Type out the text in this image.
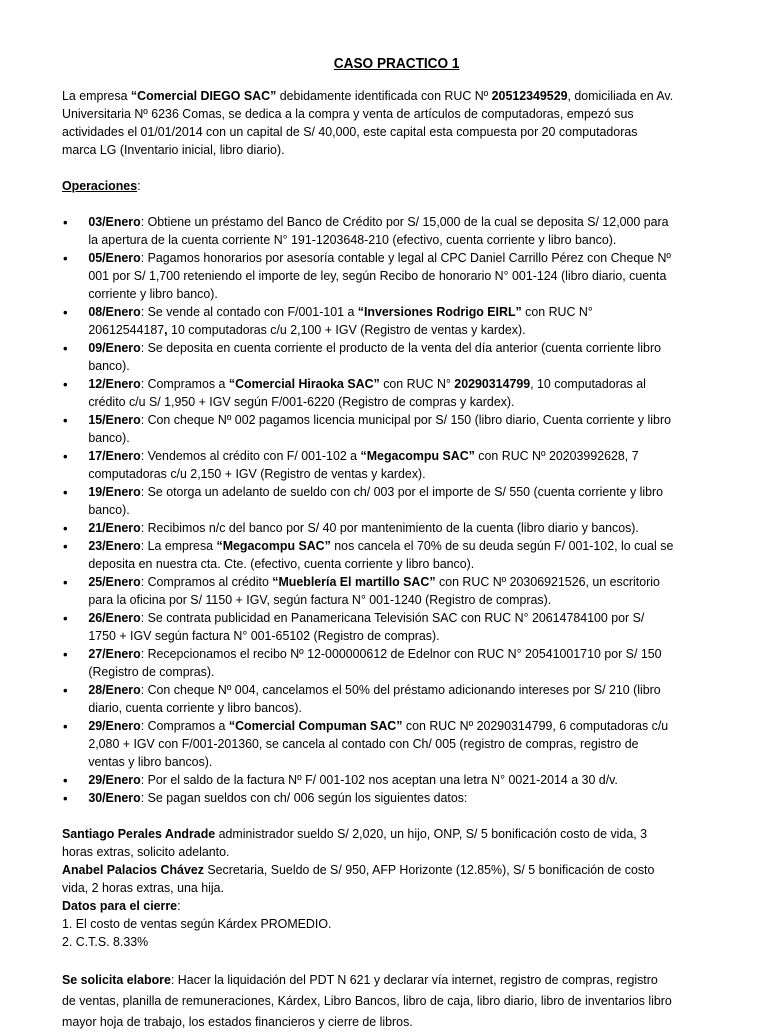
CASO PRACTICO 1

La empresa “Comercial DIEGO SAC” debidamente identificada con RUC Nº 20512349529, domiciliada en Av. Universitaria Nº 6236 Comas, se dedica a la compra y venta de artículos de computadoras, empezó sus actividades el 01/01/2014 con un capital de S/ 40,000, este capital esta compuesta por 20 computadoras marca LG (Inventario inicial, libro diario).

Operaciones:

• 03/Enero: Obtiene un préstamo del Banco de Crédito por S/ 15,000 de la cual se deposita S/ 12,000 para la apertura de la cuenta corriente N° 191-1203648-210 (efectivo, cuenta corriente y libro banco).
• 05/Enero: Pagamos honorarios por asesoría contable y legal al CPC Daniel Carrillo Pérez con Cheque Nº 001 por S/ 1,700 reteniendo el importe de ley, según Recibo de honorario N° 001-124 (libro diario, cuenta corriente y libro banco).
• 08/Enero: Se vende al contado con F/001-101 a “Inversiones Rodrigo EIRL” con RUC N° 20612544187, 10 computadoras c/u 2,100 + IGV (Registro de ventas y kardex).
• 09/Enero: Se deposita en cuenta corriente el producto de la venta del día anterior (cuenta corriente libro banco).
• 12/Enero: Compramos a “Comercial Hiraoka SAC” con RUC N° 20290314799, 10 computadoras al crédito c/u S/ 1,950 + IGV según F/001-6220 (Registro de compras y kardex).
• 15/Enero: Con cheque Nº 002 pagamos licencia municipal por S/ 150 (libro diario, Cuenta corriente y libro banco).
• 17/Enero: Vendemos al crédito con F/ 001-102 a “Megacompu SAC” con RUC Nº 20203992628, 7 computadoras c/u 2,150 + IGV (Registro de ventas y kardex).
• 19/Enero: Se otorga un adelanto de sueldo con ch/ 003 por el importe de S/ 550 (cuenta corriente y libro banco).
• 21/Enero: Recibimos n/c del banco por S/ 40 por mantenimiento de la cuenta (libro diario y bancos).
• 23/Enero: La empresa “Megacompu SAC” nos cancela el 70% de su deuda según F/ 001-102, lo cual se deposita en nuestra cta. Cte. (efectivo, cuenta corriente y libro banco).
• 25/Enero: Compramos al crédito “Mueblería El martillo SAC” con RUC Nº 20306921526, un escritorio para la oficina por S/ 1150 + IGV, según factura N° 001-1240 (Registro de compras).
• 26/Enero: Se contrata publicidad en Panamericana Televisión SAC con RUC N° 20614784100 por S/ 1750 + IGV según factura N° 001-65102 (Registro de compras).
• 27/Enero: Recepcionamos el recibo Nº 12-000000612 de Edelnor con RUC N° 20541001710 por S/ 150 (Registro de compras).
• 28/Enero: Con cheque Nº 004, cancelamos el 50% del préstamo adicionando intereses por S/ 210 (libro diario, cuenta corriente y libro bancos).
• 29/Enero: Compramos a “Comercial Compuman SAC” con RUC Nº 20290314799, 6 computadoras c/u 2,080 + IGV con F/001-201360, se cancela al contado con Ch/ 005 (registro de compras, registro de ventas y libro bancos).
• 29/Enero: Por el saldo de la factura Nº F/ 001-102 nos aceptan una letra N° 0021-2014 a 30 d/v.
• 30/Enero: Se pagan sueldos con ch/ 006 según los siguientes datos:

Santiago Perales Andrade administrador sueldo S/ 2,020, un hijo, ONP, S/ 5 bonificación costo de vida, 3 horas extras, solicito adelanto.

Anabel Palacios Chávez Secretaria, Sueldo de S/ 950, AFP Horizonte (12.85%), S/ 5 bonificación de costo vida, 2 horas extras, una hija.

Datos para el cierre:

1. El costo de ventas según Kárdex PROMEDIO.

2. C.T.S. 8.33%

Se solicita elabore: Hacer la liquidación del PDT N 621 y declarar vía internet, registro de compras, registro de ventas, planilla de remuneraciones, Kárdex, Libro Bancos, libro de caja, libro diario, libro de inventarios libro mayor hoja de trabajo, los estados financieros y cierre de libros.
